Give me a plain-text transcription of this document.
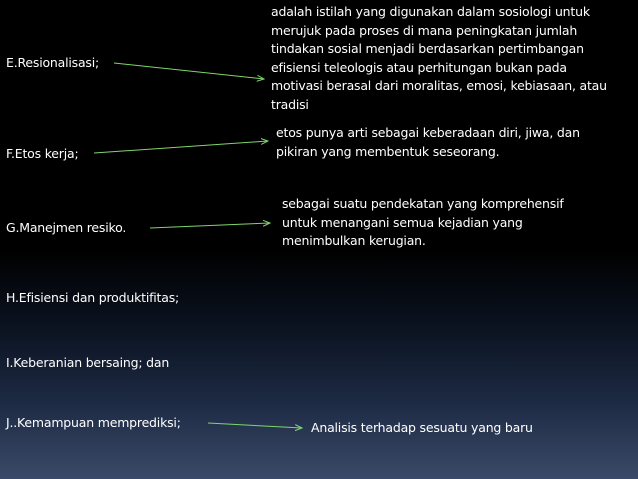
E.Resionalisasi;
F.Etos kerja;
G.Manejmen resiko.
H.Efisiensi dan produktifitas;
I.Keberanian bersaing; dan
J..Kemampuan memprediksi;
adalah istilah yang digunakan dalam sosiologi untuk
merujuk pada proses di mana peningkatan jumlah
tindakan sosial menjadi berdasarkan pertimbangan
efisiensi teleologis atau perhitungan bukan pada
motivasi berasal dari moralitas, emosi, kebiasaan, atau
tradisi
etos punya arti sebagai keberadaan diri, jiwa, dan
pikiran yang membentuk seseorang.
sebagai suatu pendekatan yang komprehensif
untuk menangani semua kejadian yang
menimbulkan kerugian.
Analisis terhadap sesuatu yang baru
